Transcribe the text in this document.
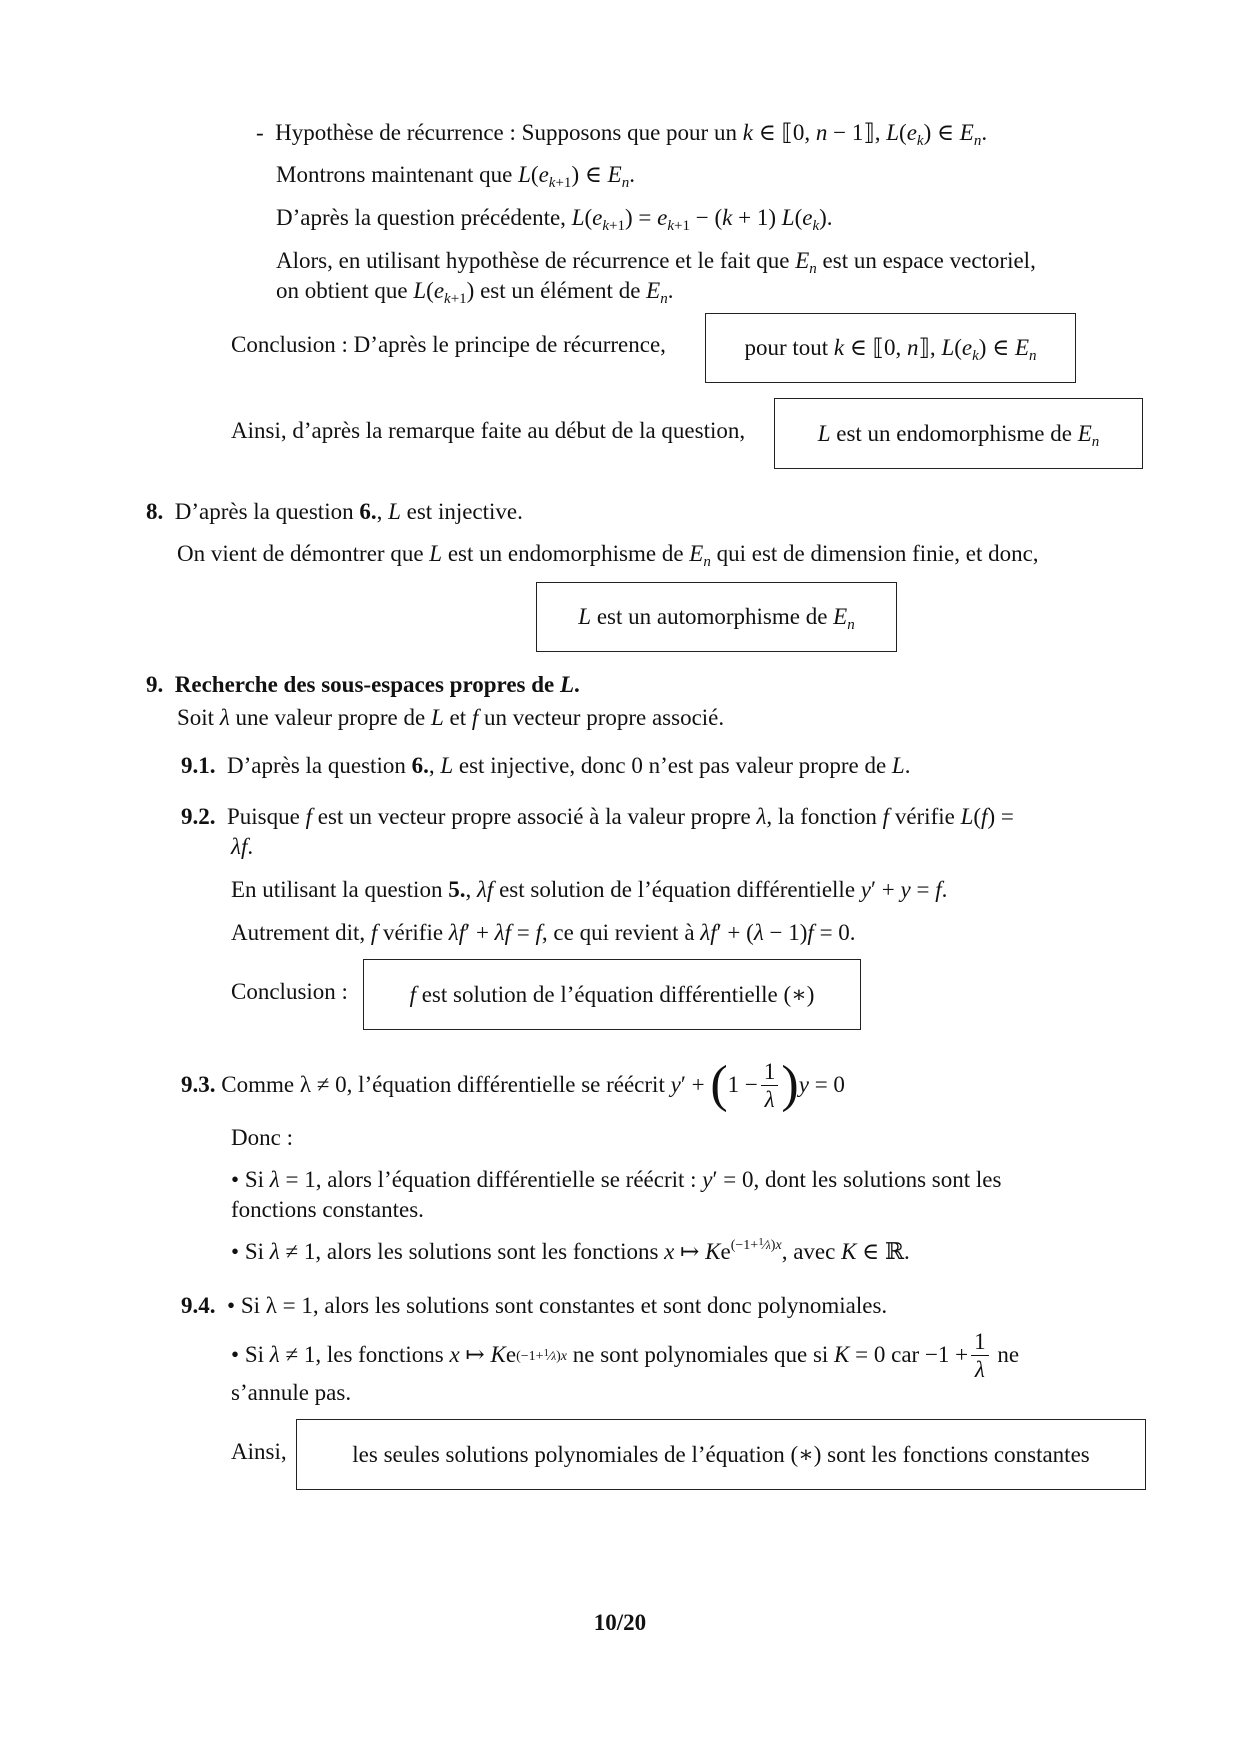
- Hypothèse de récurrence : Supposons que pour un k ∈ ⟦0, n − 1⟧, $L(e_k)$ ∈ $E_n$.
Montrons maintenant que $L(e_{k+1})$ ∈ $E_n$.
D’après la question précédente, $L(e_{k+1}) = e_{k+1} - (k + 1)$ $L(e_k)$.
Alors, en utilisant hypothèse de récurrence et le fait que $E_n$ est un espace vectoriel,
on obtient que $L(e_{k+1})$ est un élément de $E_n$.
Conclusion : D’après le principe de récurrence,	pour tout k ∈ ⟦0, n⟧, $L(e_k)$ ∈ $E_n$
Ainsi, d’après la remarque faite au début de la question,	L est un endomorphisme de $E_n$
8. D’après la question 6., L est injective.
On vient de démontrer que L est un endomorphisme de $E_n$ qui est de dimension finie, et donc,
L est un automorphisme de $E_n$
9. Recherche des sous-espaces propres de L.
Soit λ une valeur propre de L et f un vecteur propre associé.
9.1. D’après la question 6., L est injective, donc 0 n’est pas valeur propre de L.
9.2. Puisque f est un vecteur propre associé à la valeur propre λ, la fonction f vérifie L(f) =
λf.
En utilisant la question 5., λf est solution de l’équation différentielle y′ + y = f.
Autrement dit, f vérifie λf′ + λf = f, ce qui revient à λf′ + (λ − 1)f = 0.
Conclusion :	f est solution de l’équation différentielle (∗)
9.3.
Comme λ ≠ 0, l’équation différentielle se réécrit
y ′ + ( $1 - \frac{1}{\lambda}$ ) y = 0
Donc :
• Si λ = 1, alors l’équation différentielle se réécrit : y′ = 0, dont les solutions sont les
fonctions constantes.
• Si λ ≠ 1, alors les solutions sont les fonctions x ↦ $Ke^{(-1+^1⁄\lambda)x}$, avec K ∈ ℝ.
9.4. • Si λ = 1, alors les solutions sont constantes et sont donc polynomiales.
•
Si
λ ≠ 1 , les fonctions
x ↦ K e (−1+$^1$⁄λ)x
ne sont polynomiales que si
K = 0 car $-1 + \frac{1}{\lambda}$
ne
s’annule pas.
Ainsi,	les seules solutions polynomiales de l’équation (∗) sont les fonctions constantes
10/20
